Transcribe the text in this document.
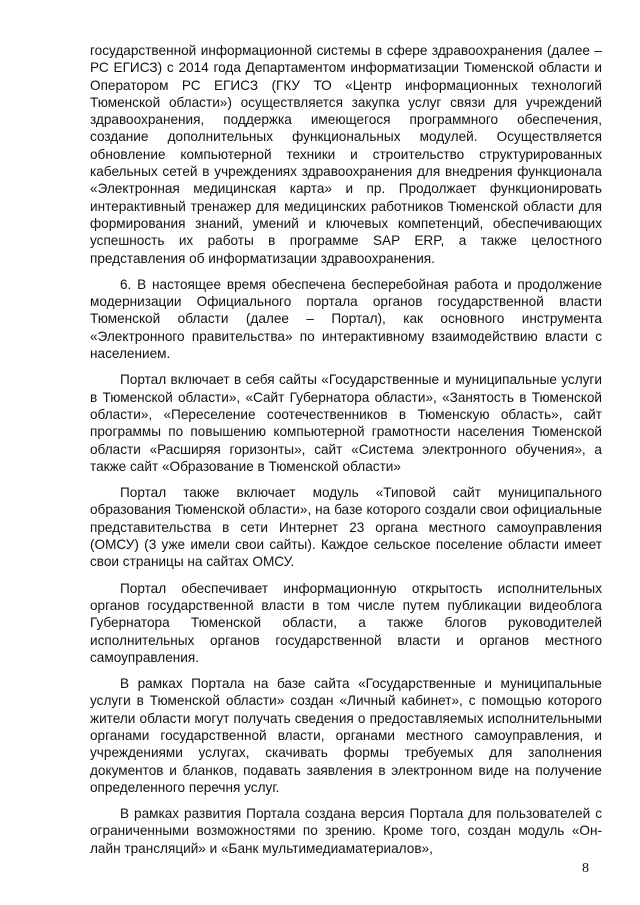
государственной информационной системы в сфере здравоохранения (далее – РС ЕГИСЗ) с 2014 года Департаментом информатизации Тюменской области и Оператором РС ЕГИСЗ (ГКУ ТО «Центр информационных технологий Тюменской области») осуществляется закупка услуг связи для учреждений здравоохранения, поддержка имеющегося программного обеспечения, создание дополнительных функциональных модулей. Осуществляется обновление компьютерной техники и строительство структурированных кабельных сетей в учреждениях здравоохранения для внедрения функционала «Электронная медицинская карта» и пр. Продолжает функционировать интерактивный тренажер для медицинских работников Тюменской области для формирования знаний, умений и ключевых компетенций, обеспечивающих успешность их работы в программе SAP ERP, а также целостного представления об информатизации здравоохранения.

6. В настоящее время обеспечена бесперебойная работа и продолжение модернизации Официального портала органов государственной власти Тюменской области (далее – Портал), как основного инструмента «Электронного правительства» по интерактивному взаимодействию власти с населением.

Портал включает в себя сайты «Государственные и муниципальные услуги в Тюменской области», «Сайт Губернатора области», «Занятость в Тюменской области», «Переселение соотечественников в Тюменскую область», сайт программы по повышению компьютерной грамотности населения Тюменской области «Расширяя горизонты», сайт «Система электронного обучения», а также сайт «Образование в Тюменской области»

Портал также включает модуль «Типовой сайт муниципального образования Тюменской области», на базе которого создали свои официальные представительства в сети Интернет 23 органа местного самоуправления (ОМСУ) (3 уже имели свои сайты). Каждое сельское поселение области имеет свои страницы на сайтах ОМСУ.

Портал обеспечивает информационную открытость исполнительных органов государственной власти в том числе путем публикации видеоблога Губернатора Тюменской области, а также блогов руководителей исполнительных органов государственной власти и органов местного самоуправления.

В рамках Портала на базе сайта «Государственные и муниципальные услуги в Тюменской области» создан «Личный кабинет», с помощью которого жители области могут получать сведения о предоставляемых исполнительными органами государственной власти, органами местного самоуправления, и учреждениями услугах, скачивать формы требуемых для заполнения документов и бланков, подавать заявления в электронном виде на получение определенного перечня услуг.

В рамках развития Портала создана версия Портала для пользователей с ограниченными возможностями по зрению. Кроме того, создан модуль «Он-лайн трансляций» и «Банк мультимедиаматериалов»,

8
